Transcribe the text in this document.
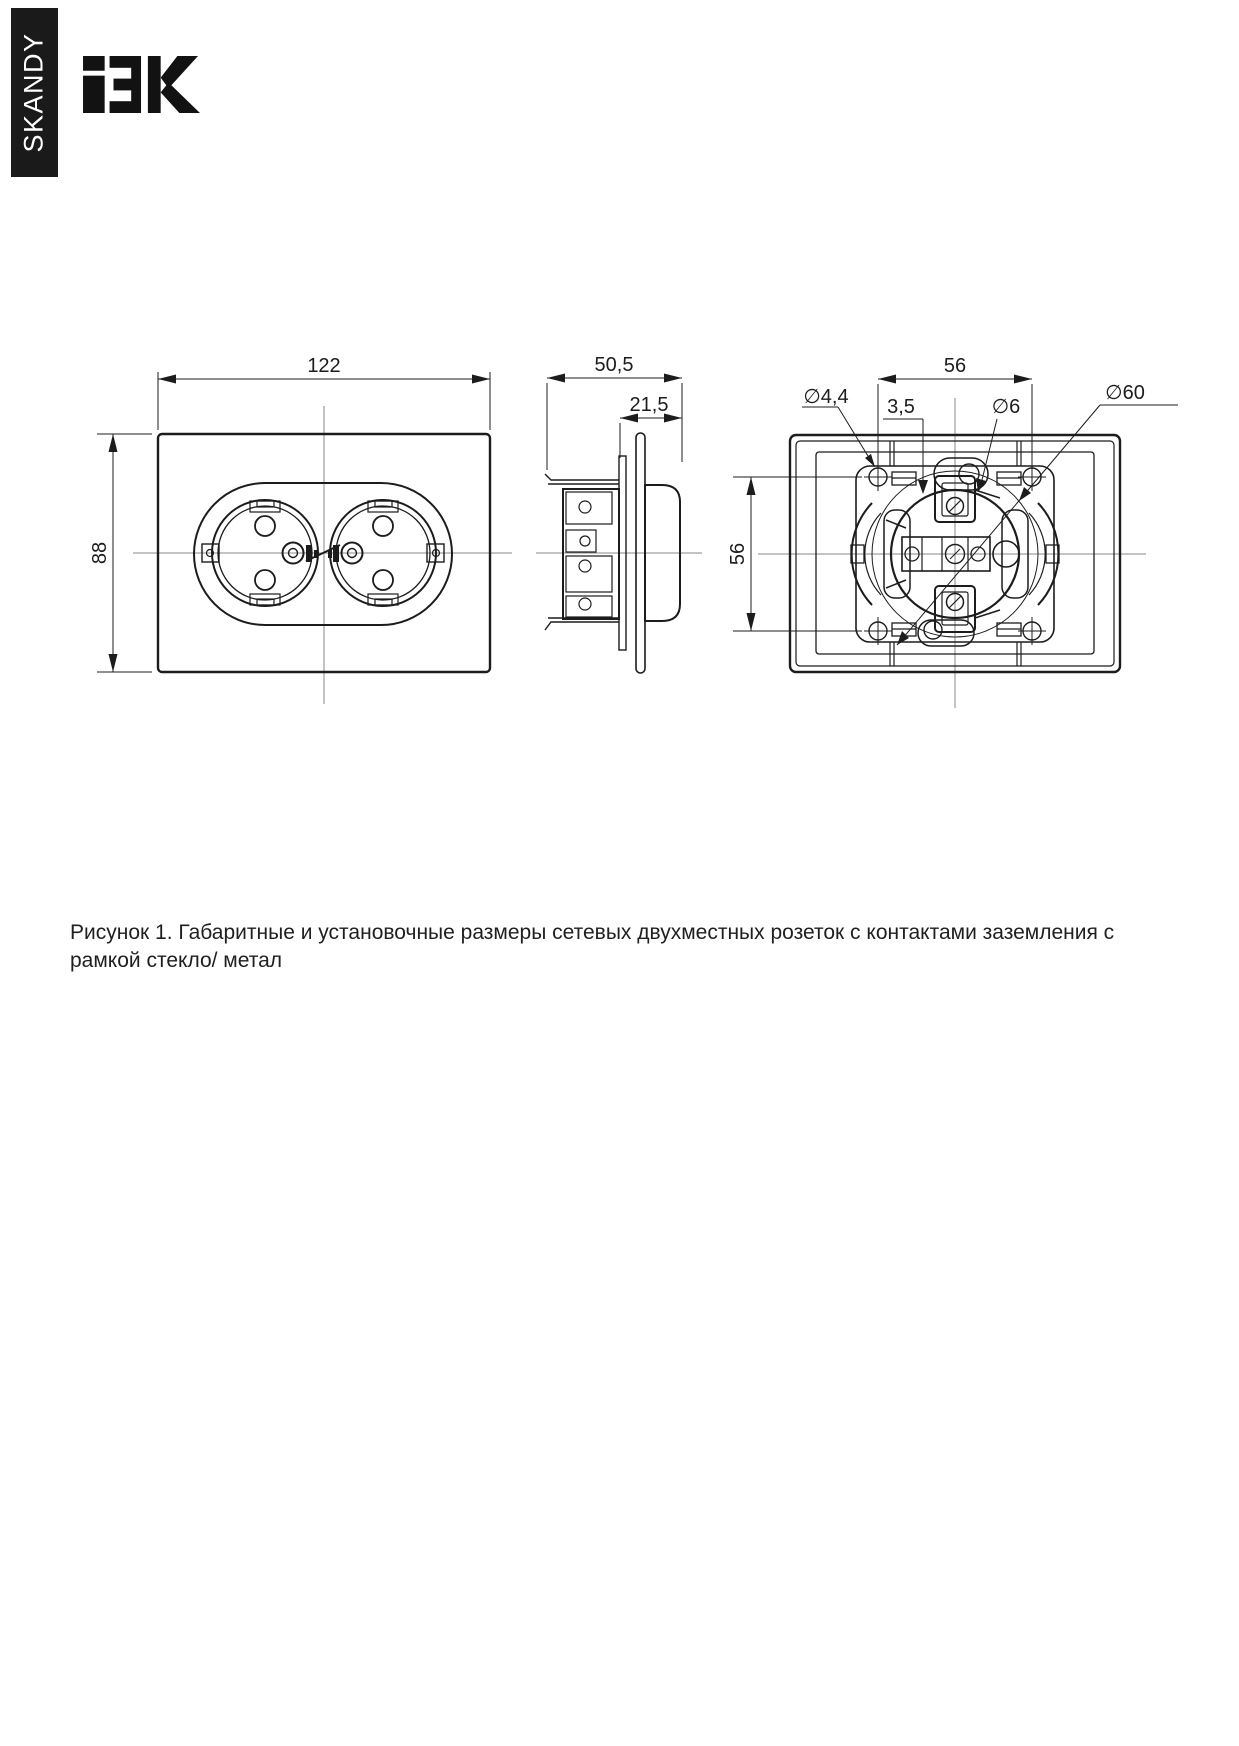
SKANDY
122
88
50,5
21,5
56
56
∅4,4 3,5	∅6
∅60
Рисунок 1. Габаритные и установочные размеры сетевых двухместных розеток с контактами заземления с
рамкой стекло/ метал
